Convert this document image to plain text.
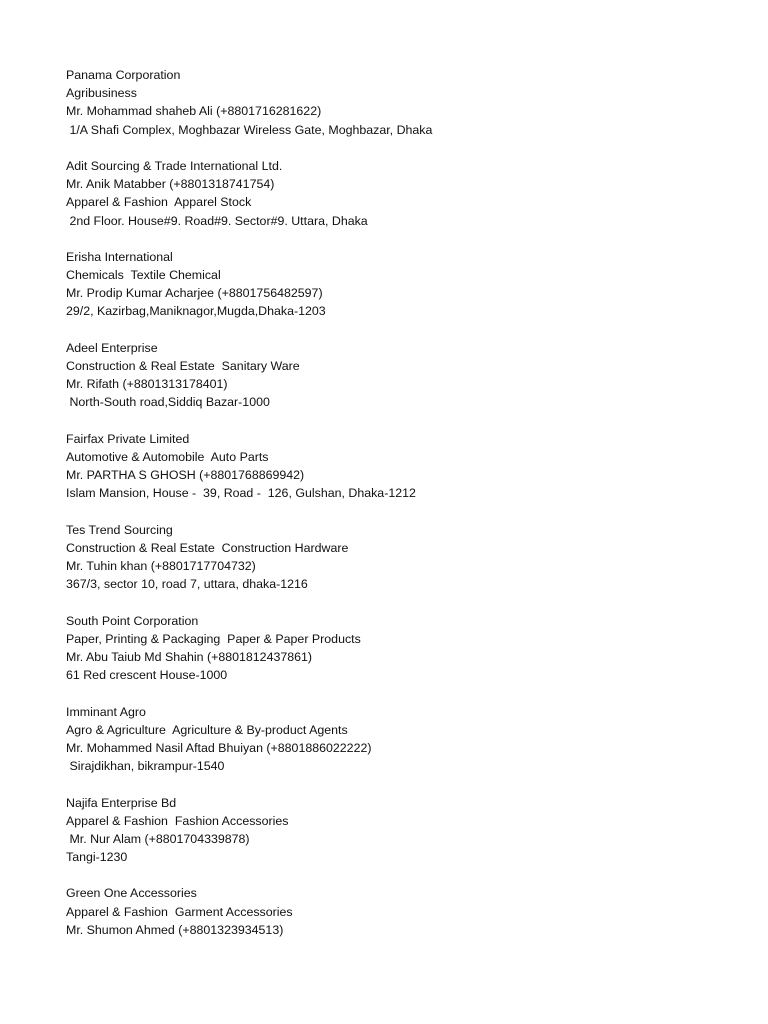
Panama Corporation
Agribusiness
Mr. Mohammad shaheb Ali (+8801716281622)
1/A Shafi Complex, Moghbazar Wireless Gate, Moghbazar, Dhaka
Adit Sourcing & Trade International Ltd.
Mr. Anik Matabber (+8801318741754)
Apparel & Fashion  Apparel Stock
2nd Floor. House#9. Road#9. Sector#9. Uttara, Dhaka
Erisha International
Chemicals  Textile Chemical
Mr. Prodip Kumar Acharjee (+8801756482597)
29/2, Kazirbag,Maniknagor,Mugda,Dhaka-1203
Adeel Enterprise
Construction & Real Estate  Sanitary Ware
Mr. Rifath (+8801313178401)
North-South road,Siddiq Bazar-1000
Fairfax Private Limited
Automotive & Automobile  Auto Parts
Mr. PARTHA S GHOSH (+8801768869942)
Islam Mansion, House -  39, Road -  126, Gulshan, Dhaka-1212
Tes Trend Sourcing
Construction & Real Estate  Construction Hardware
Mr. Tuhin khan (+8801717704732)
367/3, sector 10, road 7, uttara, dhaka-1216
South Point Corporation
Paper, Printing & Packaging  Paper & Paper Products
Mr. Abu Taiub Md Shahin (+8801812437861)
61 Red crescent House-1000
Imminant Agro
Agro & Agriculture  Agriculture & By-product Agents
Mr. Mohammed Nasil Aftad Bhuiyan (+8801886022222)
Sirajdikhan, bikrampur-1540
Najifa Enterprise Bd
Apparel & Fashion  Fashion Accessories
Mr. Nur Alam (+8801704339878)
Tangi-1230
Green One Accessories
Apparel & Fashion  Garment Accessories
Mr. Shumon Ahmed (+8801323934513)
